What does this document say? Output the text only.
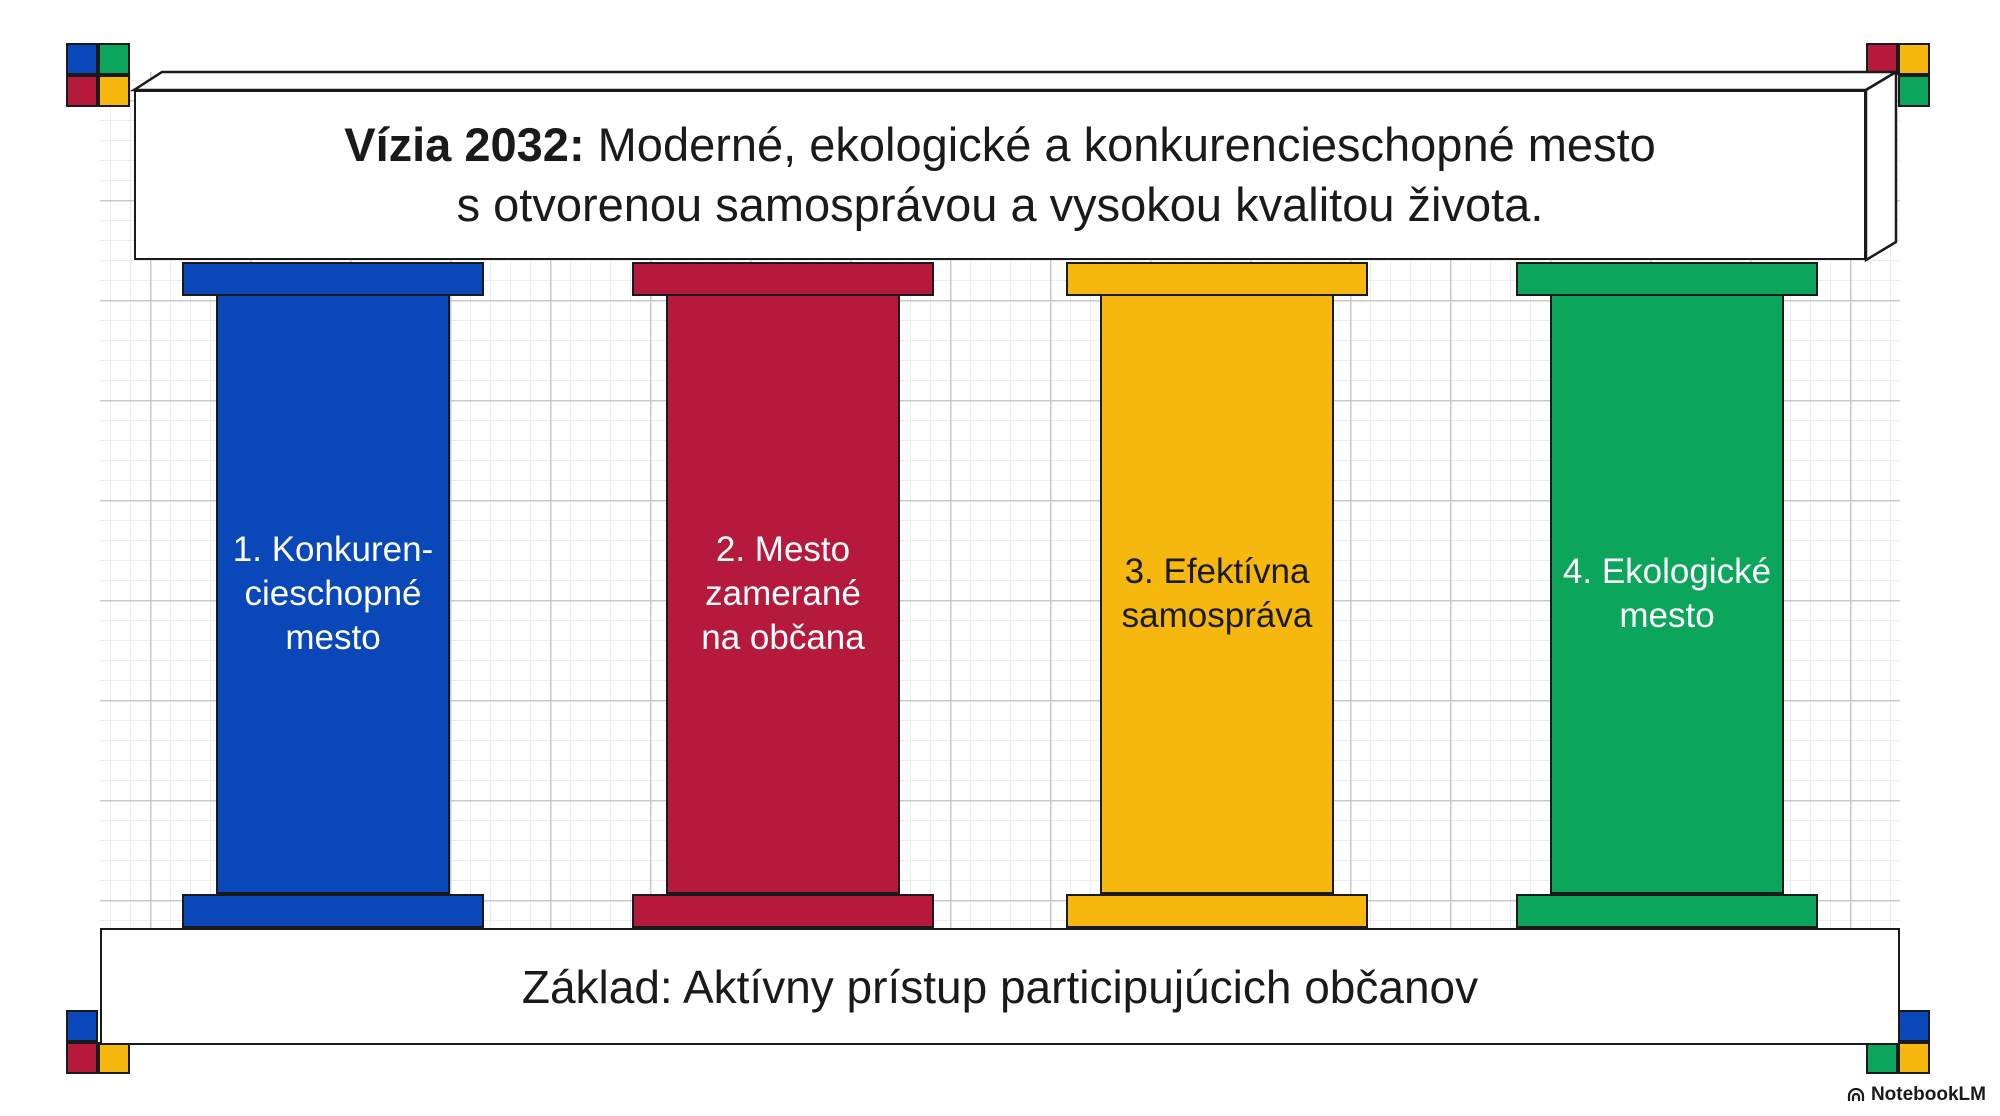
Vízia 2032: Moderné, ekologické a konkurencieschopné mesto
s otvorenou samosprávou a vysokou kvalitou života.
1. Konkuren-
cieschopné
mesto
2. Mesto
zamerané
na občana
3. Efektívna
samospráva
4. Ekologické
mesto
Základ: Aktívny prístup participujúcich občanov
NotebookLM
